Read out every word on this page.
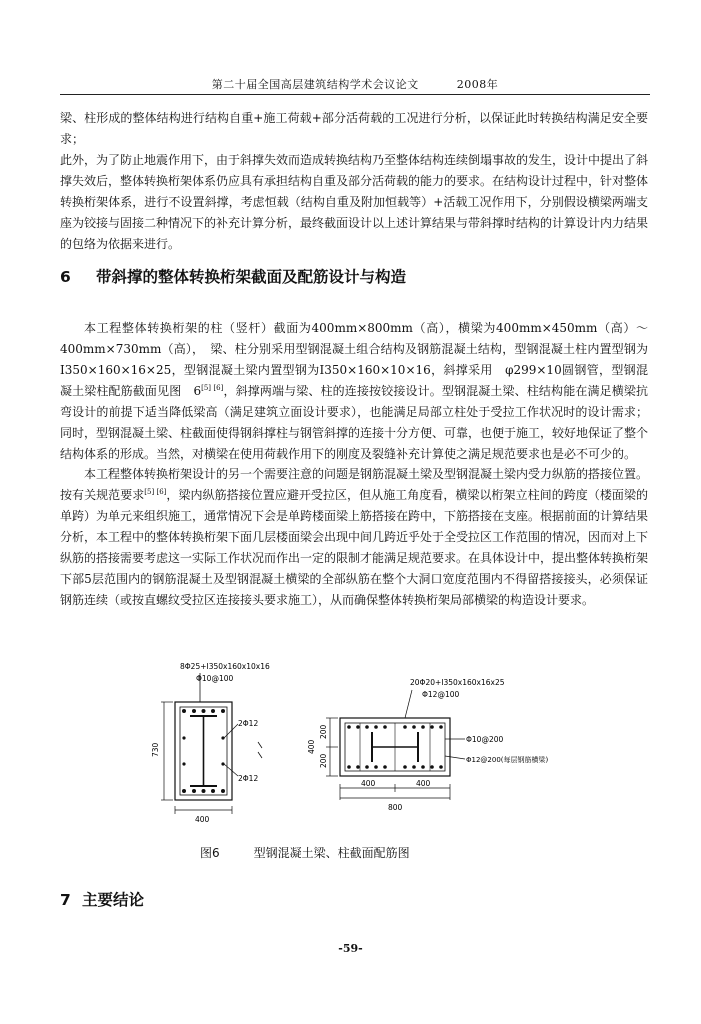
第二十届全国高层建筑结构学术会议论文	2008年

梁、柱形成的整体结构进行结构自重+施工荷载+部分活荷载的工况进行分析，以保证此时转换结构满足安全要求；

此外，为了防止地震作用下，由于斜撑失效而造成转换结构乃至整体结构连续倒塌事故的发生，设计中提出了斜撑失效后，整体转换桁架体系仍应具有承担结构自重及部分活荷载的能力的要求。在结构设计过程中，针对整体转换桁架体系，进行不设置斜撑，考虑恒载（结构自重及附加恒载等）+活载工况作用下，分别假设横梁两端支座为铰接与固接二种情况下的补充计算分析，最终截面设计以上述计算结果与带斜撑时结构的计算设计内力结果的包络为依据来进行。

6 带斜撑的整体转换桁架截面及配筋设计与构造

本工程整体转换桁架的柱（竖杆）截面为400mm×800mm（高），横梁为400mm×450mm（高）～400mm×730mm（高），　梁、柱分别采用型钢混凝土组合结构及钢筋混凝土结构，型钢混凝土柱内置型钢为I350×160×16×25，型钢混凝土梁内置型钢为I350×160×10×16，斜撑采用　φ299×10圆钢管，型钢混凝土梁柱配筋截面见图　6[5] [6]，斜撑两端与梁、柱的连接按铰接设计。型钢混凝土梁、柱结构能在满足横梁抗弯设计的前提下适当降低梁高（满足建筑立面设计要求），也能满足局部立柱处于受拉工作状况时的设计需求；同时，型钢混凝土梁、柱截面使得钢斜撑柱与钢管斜撑的连接十分方便、可靠，也便于施工，较好地保证了整个结构体系的形成。当然，对横梁在使用荷载作用下的刚度及裂缝补充计算使之满足规范要求也是必不可少的。

本工程整体转换桁架设计的另一个需要注意的问题是钢筋混凝土梁及型钢混凝土梁内受力纵筋的搭接位置。按有关规范要求[5] [6]，梁内纵筋搭接位置应避开受拉区，但从施工角度看，横梁以桁架立柱间的跨度（楼面梁的单跨）为单元来组织施工，通常情况下会是单跨楼面梁上筋搭接在跨中，下筋搭接在支座。根据前面的计算结果分析，本工程中的整体转换桁架下面几层楼面梁会出现中间几跨近乎处于全受拉区工作范围的情况，因而对上下纵筋的搭接需要考虑这一实际工作状况而作出一定的限制才能满足规范要求。在具体设计中，提出整体转换桁架下部5层范围内的钢筋混凝土及型钢混凝土横梁的全部纵筋在整个大洞口宽度范围内不得留搭接接头，必须保证钢筋连续（或按直螺纹受拉区连接接头要求施工），从而确保整体转换桁架局部横梁的构造设计要求。

8Φ25+I350x160x10x16
Φ10@100
2Φ12
2Φ12
730
400
20Φ20+I350x160x16x25
Φ12@100
Φ10@200
Φ12@200(每层钢筋横梁)
200
200
400
400	400
800
图6	型钢混凝土梁、柱截面配筋图
7 主要结论
-59-
